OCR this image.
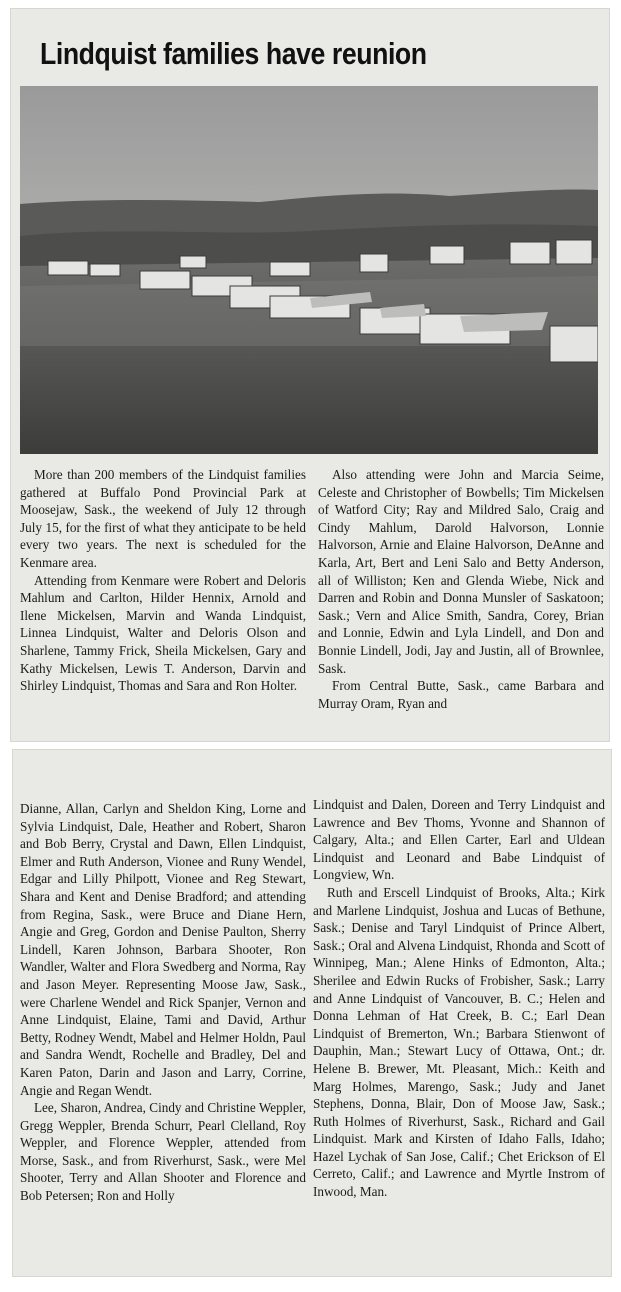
Lindquist families have reunion

More than 200 members of the Lindquist families gathered at Buffalo Pond Provincial Park at Moosejaw, Sask., the weekend of July 12 through July 15, for the first of what they anticipate to be held every two years. The next is scheduled for the Kenmare area.

Attending from Kenmare were Robert and Deloris Mahlum and Carlton, Hilder Hennix, Arnold and Ilene Mickelsen, Marvin and Wanda Lindquist, Linnea Lindquist, Walter and Deloris Olson and Sharlene, Tammy Frick, Sheila Mickelsen, Gary and Kathy Mickelsen, Lewis T. Anderson, Darvin and Shirley Lindquist, Thomas and Sara and Ron Holter.

Also attending were John and Marcia Seime, Celeste and Christopher of Bowbells; Tim Mickelsen of Watford City; Ray and Mildred Salo, Craig and Cindy Mahlum, Darold Halvorson, Lonnie Halvorson, Arnie and Elaine Halvorson, DeAnne and Karla, Art, Bert and Leni Salo and Betty Anderson, all of Williston; Ken and Glenda Wiebe, Nick and Darren and Robin and Donna Munsler of Saskatoon; Sask.; Vern and Alice Smith, Sandra, Corey, Brian and Lonnie, Edwin and Lyla Lindell, and Don and Bonnie Lindell, Jodi, Jay and Justin, all of Brownlee, Sask.

From Central Butte, Sask., came Barbara and Murray Oram, Ryan and

Dianne, Allan, Carlyn and Sheldon King, Lorne and Sylvia Lindquist, Dale, Heather and Robert, Sharon and Bob Berry, Crystal and Dawn, Ellen Lindquist, Elmer and Ruth Anderson, Vionee and Runy Wendel, Edgar and Lilly Philpott, Vionee and Reg Stewart, Shara and Kent and Denise Bradford; and attending from Regina, Sask., were Bruce and Diane Hern, Angie and Greg, Gordon and Denise Paulton, Sherry Lindell, Karen Johnson, Barbara Shooter, Ron Wandler, Walter and Flora Swedberg and Norma, Ray and Jason Meyer. Representing Moose Jaw, Sask., were Charlene Wendel and Rick Spanjer, Vernon and Anne Lindquist, Elaine, Tami and David, Arthur Betty, Rodney Wendt, Mabel and Helmer Holdn, Paul and Sandra Wendt, Rochelle and Bradley, Del and Karen Paton, Darin and Jason and Larry, Corrine, Angie and Regan Wendt.

Lee, Sharon, Andrea, Cindy and Christine Weppler, Gregg Weppler, Brenda Schurr, Pearl Clelland, Roy Weppler, and Florence Weppler, attended from Morse, Sask., and from Riverhurst, Sask., were Mel Shooter, Terry and Allan Shooter and Florence and Bob Petersen; Ron and Holly

Lindquist and Dalen, Doreen and Terry Lindquist and Lawrence and Bev Thoms, Yvonne and Shannon of Calgary, Alta.; and Ellen Carter, Earl and Uldean Lindquist and Leonard and Babe Lindquist of Longview, Wn.

Ruth and Erscell Lindquist of Brooks, Alta.; Kirk and Marlene Lindquist, Joshua and Lucas of Bethune, Sask.; Denise and Taryl Lindquist of Prince Albert, Sask.; Oral and Alvena Lindquist, Rhonda and Scott of Winnipeg, Man.; Alene Hinks of Edmonton, Alta.; Sherilee and Edwin Rucks of Frobisher, Sask.; Larry and Anne Lindquist of Vancouver, B. C.; Helen and Donna Lehman of Hat Creek, B. C.; Earl Dean Lindquist of Bremerton, Wn.; Barbara Stienwont of Dauphin, Man.; Stewart Lucy of Ottawa, Ont.; dr. Helene B. Brewer, Mt. Pleasant, Mich.: Keith and Marg Holmes, Marengo, Sask.; Judy and Janet Stephens, Donna, Blair, Don of Moose Jaw, Sask.; Ruth Holmes of Riverhurst, Sask., Richard and Gail Lindquist. Mark and Kirsten of Idaho Falls, Idaho; Hazel Lychak of San Jose, Calif.; Chet Erickson of El Cerreto, Calif.; and Lawrence and Myrtle Instrom of Inwood, Man.
